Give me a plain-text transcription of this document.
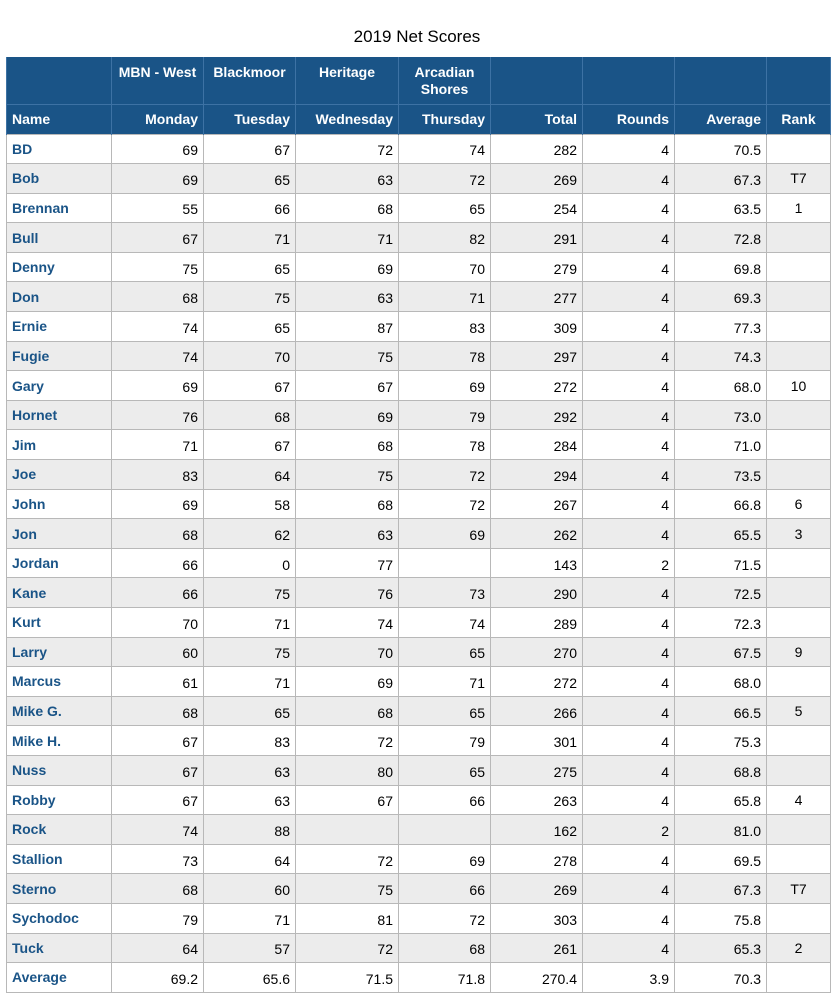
2019 Net Scores
	MBN - West	Blackmoor	Heritage	Arcadian Shores				
Name	Monday	Tuesday	Wednesday	Thursday	Total	Rounds	Average	Rank
BD	69	67	72	74	282	4	70.5	
Bob	69	65	63	72	269	4	67.3	T7
Brennan	55	66	68	65	254	4	63.5	1
Bull	67	71	71	82	291	4	72.8	
Denny	75	65	69	70	279	4	69.8	
Don	68	75	63	71	277	4	69.3	
Ernie	74	65	87	83	309	4	77.3	
Fugie	74	70	75	78	297	4	74.3	
Gary	69	67	67	69	272	4	68.0	10
Hornet	76	68	69	79	292	4	73.0	
Jim	71	67	68	78	284	4	71.0	
Joe	83	64	75	72	294	4	73.5	
John	69	58	68	72	267	4	66.8	6
Jon	68	62	63	69	262	4	65.5	3
Jordan	66	0	77		143	2	71.5	
Kane	66	75	76	73	290	4	72.5	
Kurt	70	71	74	74	289	4	72.3	
Larry	60	75	70	65	270	4	67.5	9
Marcus	61	71	69	71	272	4	68.0	
Mike G.	68	65	68	65	266	4	66.5	5
Mike H.	67	83	72	79	301	4	75.3	
Nuss	67	63	80	65	275	4	68.8	
Robby	67	63	67	66	263	4	65.8	4
Rock	74	88			162	2	81.0	
Stallion	73	64	72	69	278	4	69.5	
Sterno	68	60	75	66	269	4	67.3	T7
Sychodoc	79	71	81	72	303	4	75.8	
Tuck	64	57	72	68	261	4	65.3	2
Average	69.2	65.6	71.5	71.8	270.4	3.9	70.3	
